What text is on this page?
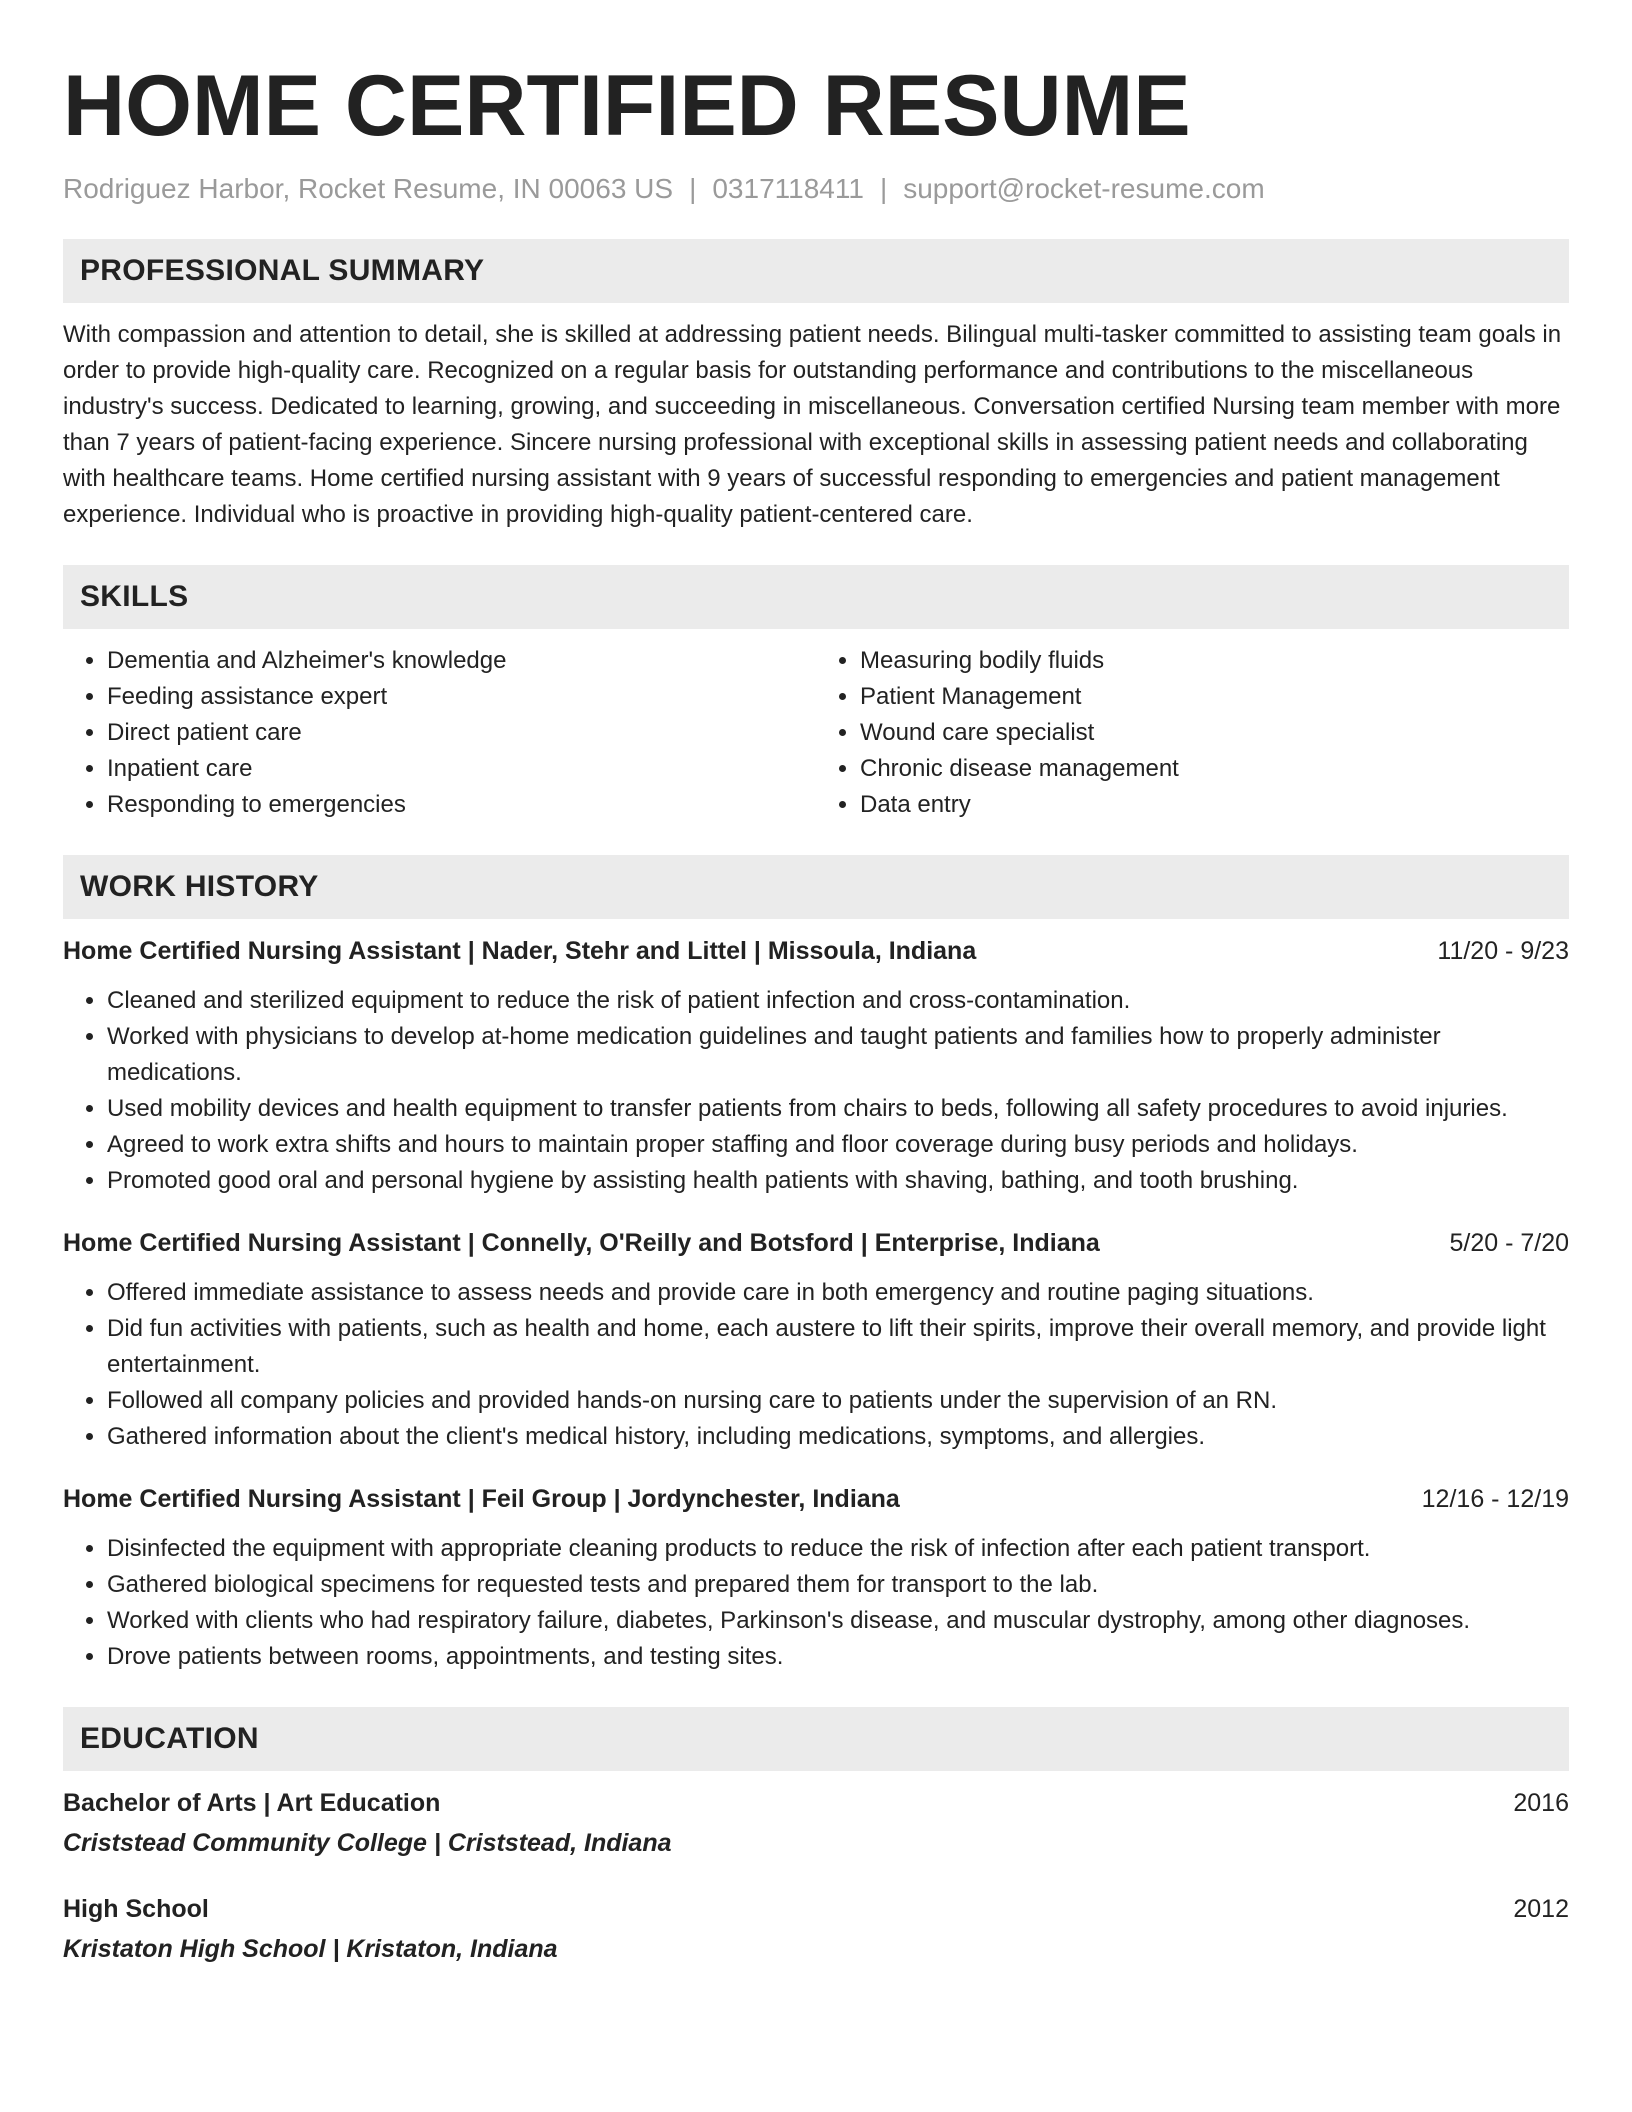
HOME CERTIFIED RESUME
Rodriguez Harbor, Rocket Resume, IN 00063 US | 0317118411 | support@rocket-resume.com
PROFESSIONAL SUMMARY

With compassion and attention to detail, she is skilled at addressing patient needs. Bilingual multi-tasker committed to assisting team goals in order to provide high-quality care. Recognized on a regular basis for outstanding performance and contributions to the miscellaneous industry's success. Dedicated to learning, growing, and succeeding in miscellaneous. Conversation certified Nursing team member with more than 7 years of patient-facing experience. Sincere nursing professional with exceptional skills in assessing patient needs and collaborating with healthcare teams. Home certified nursing assistant with 9 years of successful responding to emergencies and patient management experience. Individual who is proactive in providing high-quality patient-centered care.

SKILLS
• Dementia and Alzheimer's knowledge
• Feeding assistance expert
• Direct patient care
• Inpatient care
• Responding to emergencies
• Measuring bodily fluids
• Patient Management
• Wound care specialist
• Chronic disease management
• Data entry
WORK HISTORY
Home Certified Nursing Assistant | Nader, Stehr and Littel | Missoula, Indiana	11/20 - 9/23
• Cleaned and sterilized equipment to reduce the risk of patient infection and cross-contamination.
• Worked with physicians to develop at-home medication guidelines and taught patients and families how to properly administer medications.
• Used mobility devices and health equipment to transfer patients from chairs to beds, following all safety procedures to avoid injuries.
• Agreed to work extra shifts and hours to maintain proper staffing and floor coverage during busy periods and holidays.
• Promoted good oral and personal hygiene by assisting health patients with shaving, bathing, and tooth brushing.
Home Certified Nursing Assistant | Connelly, O'Reilly and Botsford | Enterprise, Indiana	5/20 - 7/20
• Offered immediate assistance to assess needs and provide care in both emergency and routine paging situations.
• Did fun activities with patients, such as health and home, each austere to lift their spirits, improve their overall memory, and provide light entertainment.
• Followed all company policies and provided hands-on nursing care to patients under the supervision of an RN.
• Gathered information about the client's medical history, including medications, symptoms, and allergies.
Home Certified Nursing Assistant | Feil Group | Jordynchester, Indiana	12/16 - 12/19
• Disinfected the equipment with appropriate cleaning products to reduce the risk of infection after each patient transport.
• Gathered biological specimens for requested tests and prepared them for transport to the lab.
• Worked with clients who had respiratory failure, diabetes, Parkinson's disease, and muscular dystrophy, among other diagnoses.
• Drove patients between rooms, appointments, and testing sites.
EDUCATION
Bachelor of Arts | Art Education	2016
Criststead Community College | Criststead, Indiana
High School	2012
Kristaton High School | Kristaton, Indiana
